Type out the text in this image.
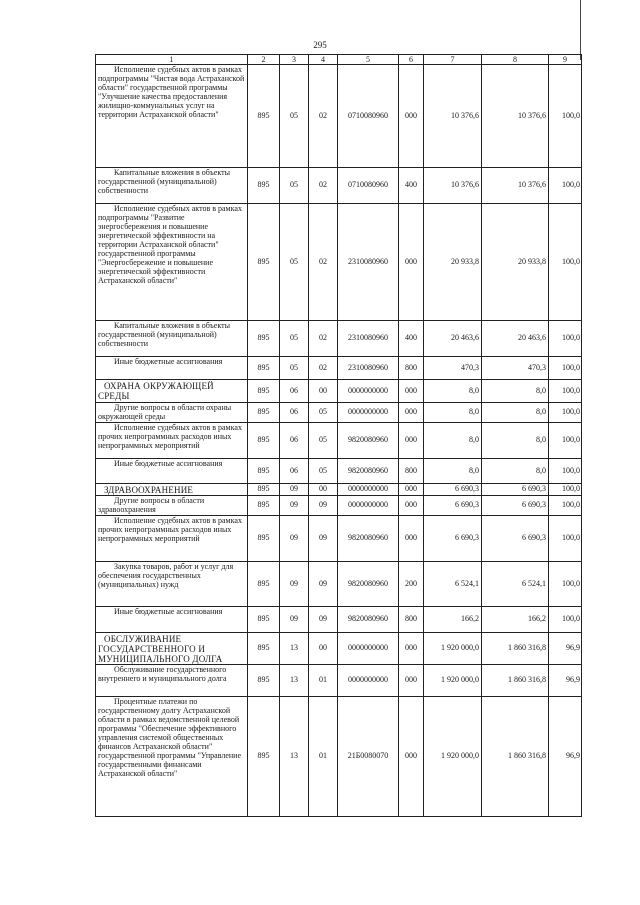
295
1	2	3	4	5	6	7	8	9

Исполнение судебных актов в рамках подпрограммы "Чистая вода Астраханской области" государственной программы "Улучшение качества предоставления жилищно-коммунальных услуг на территории Астраханской области"	895	05	02	0710080960	000	10 376,6	10 376,6	100,0

Капитальные вложения в объекты государственной (муниципальной) собственности	895	05	02	0710080960	400	10 376,6	10 376,6	100,0

Исполнение судебных актов в рамках подпрограммы "Развитие энергосбережения и повышение энергетической эффективности на территории Астраханской области" государственной программы "Энергосбережение и повышение энергетической эффективности Астраханской области"	895	05	02	2310080960	000	20 933,8	20 933,8	100,0

Капитальные вложения в объекты государственной (муниципальной) собственности	895	05	02	2310080960	400	20 463,6	20 463,6	100,0

Иные бюджетные ассигнования	895	05	02	2310080960	800	470,3	470,3	100,0

ОХРАНА ОКРУЖАЮЩЕЙ СРЕДЫ	895	06	00	0000000000	000	8,0	8,0	100,0

Другие вопросы в области охраны окружающей среды	895	06	05	0000000000	000	8,0	8,0	100,0

Исполнение судебных актов в рамках прочих непрограммных расходов иных непрограммных мероприятий	895	06	05	9820080960	000	8,0	8,0	100,0

Иные бюджетные ассигнования	895	06	05	9820080960	800	8,0	8,0	100,0

ЗДРАВООХРАНЕНИЕ	895	09	00	0000000000	000	6 690,3	6 690,3	100,0

Другие вопросы в области здравоохранения	895	09	09	0000000000	000	6 690,3	6 690,3	100,0

Исполнение судебных актов в рамках прочих непрограммных расходов иных непрограммных мероприятий	895	09	09	9820080960	000	6 690,3	6 690,3	100,0

Закупка товаров, работ и услуг для обеспечения государственных (муниципальных) нужд	895	09	09	9820080960	200	6 524,1	6 524,1	100,0

Иные бюджетные ассигнования	895	09	09	9820080960	800	166,2	166,2	100,0

ОБСЛУЖИВАНИЕ ГОСУДАРСТВЕННОГО И МУНИЦИПАЛЬНОГО ДОЛГА	895	13	00	0000000000	000	1 920 000,0	1 860 316,8	96,9

Обслуживание государственного внутреннего и муниципального долга	895	13	01	0000000000	000	1 920 000,0	1 860 316,8	96,9

Процентные платежи по государственному долгу Астраханской области в рамках ведомственной целевой программы "Обеспечение эффективного управления системой общественных финансов Астраханской области" государственной программы "Управление государственными финансами Астраханской области"	895	13	01	21Б0080070	000	1 920 000,0	1 860 316,8	96,9
